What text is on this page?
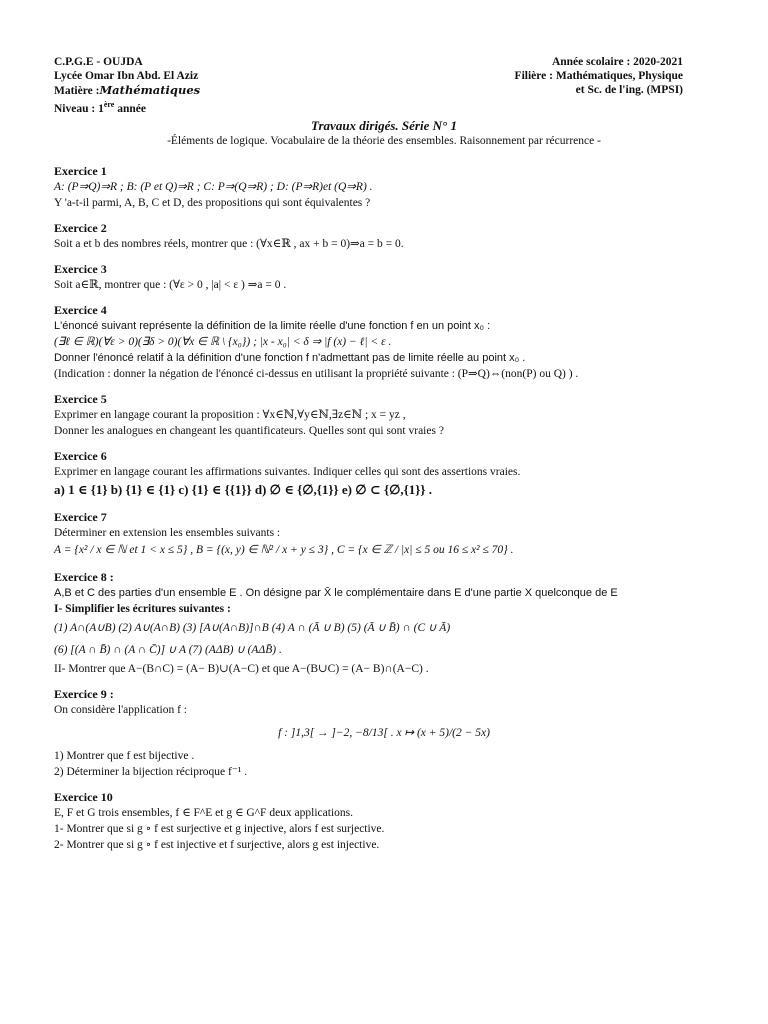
C.P.G.E - OUJDA
Lycée Omar Ibn Abd. El Aziz
Matière :Mathématiques
Niveau : 1ère année
Année scolaire : 2020-2021
Filière : Mathématiques, Physique
et Sc. de l'ing. (MPSI)
Travaux dirigés. Série N° 1
-Éléments de logique. Vocabulaire de la théorie des ensembles. Raisonnement par récurrence -
Exercice 1
A: (P⇒Q)⇒R ; B: (P et Q)⇒R ; C: P⇒(Q⇒R) ; D: (P⇒R)et (Q⇒R) .
Y 'a-t-il parmi, A, B, C et D, des propositions qui sont équivalentes ?
Exercice 2
Soit a et b des nombres réels, montrer que : (∀x∈ℝ , ax + b = 0)⇒a = b = 0.
Exercice 3
Soit a∈ℝ, montrer que : (∀ε > 0 , |a| < ε ) ⇒a = 0 .
Exercice 4
L'énoncé suivant représente la définition de la limite réelle d'une fonction f en un point x₀ :
(∃ℓ ∈ ℝ)(∀ε > 0)(∃δ > 0)(∀x ∈ ℝ \ {x₀}) ; |x - x₀| < δ ⇒ |f (x) − ℓ| < ε .
Donner l'énoncé relatif à la définition d'une fonction f n'admettant pas de limite réelle au point x₀ .
(Indication : donner la négation de l'énoncé ci-dessus en utilisant la propriété suivante : (P⇒Q)⇔(non(P) ou Q) ) .
Exercice 5
Exprimer en langage courant la proposition : ∀x∈ℕ,∀y∈ℕ,∃z∈ℕ ; x = yz ,
Donner les analogues en changeant les quantificateurs. Quelles sont qui sont vraies ?
Exercice 6
Exprimer en langage courant les affirmations suivantes. Indiquer celles qui sont des assertions vraies.
a) 1 ∈ {1} b) {1} ∈ {1} c) {1} ∈ {{1}} d) ∅ ∈ {∅,{1}} e) ∅ ⊂ {∅,{1}} .
Exercice 7
Déterminer en extension les ensembles suivants :
A = {x² / x ∈ ℕ et 1 < x ≤ 5} , B = {(x, y) ∈ ℕ² / x + y ≤ 3} , C = {x ∈ ℤ / |x| ≤ 5 ou 16 ≤ x² ≤ 70} .
Exercice 8 :
A,B et C des parties d'un ensemble E . On désigne par X̄ le complémentaire dans E d'une partie X quelconque de E
I- Simplifier les écritures suivantes :
(1) A∩(A∪B) (2) A∪(A∩B) (3) [A∪(A∩B)]∩B (4) A ∩ (Ā ∪ B) (5) (Ā ∪ B̄) ∩ (C ∪ Ā)
(6) [(A ∩ B̄) ∩ (A ∩ C̄)] ∪ A (7) (AΔB) ∪ (AΔB̄) .
II- Montrer que A−(B∩C) = (A− B)∪(A−C) et que A−(B∪C) = (A− B)∩(A−C) .
Exercice 9 :
On considère l'application f :
f : ]1,3[ → ]−2, −8/13[ . x ↦ (x + 5)/(2 − 5x)
1) Montrer que f est bijective .
2) Déterminer la bijection réciproque f⁻¹ .
Exercice 10
E, F et G trois ensembles, f ∈ F^E et g ∈ G^F deux applications.
1- Montrer que si g ∘ f est surjective et g injective, alors f est surjective.
2- Montrer que si g ∘ f est injective et f surjective, alors g est injective.
